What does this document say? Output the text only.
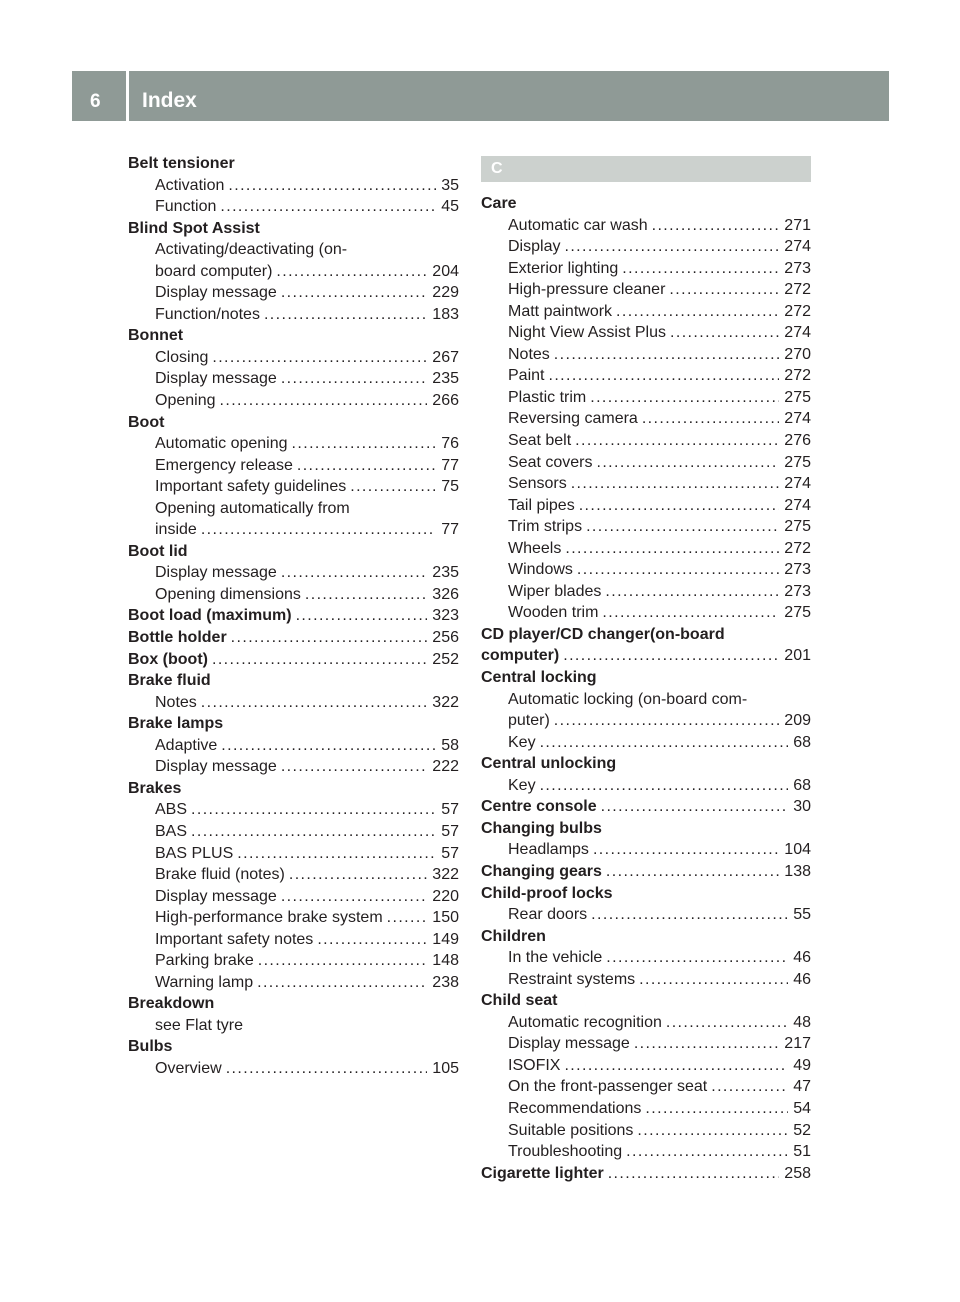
6 Index
Belt tensioner
Activation .....	35
Function .....	45
Blind Spot Assist
Activating/deactivating (on-
board computer) .....	204
Display message .....	229
Function/notes .....	183
Bonnet
Closing .....	267
Display message .....	235
Opening .....	266
Boot
Automatic opening .....	76
Emergency release .....	77
Important safety guidelines .....	75
Opening automatically from
inside .....	77
Boot lid
Display message .....	235
Opening dimensions .....	326
Boot load (maximum) .....	323
Bottle holder .....	256
Box (boot) .....	252
Brake fluid
Notes .....	322
Brake lamps
Adaptive .....	58
Display message .....	222
Brakes
ABS .....	57
BAS .....	57
BAS PLUS .....	57
Brake fluid (notes) .....	322
Display message .....	220
High-performance brake system .....	150
Important safety notes .....	149
Parking brake .....	148
Warning lamp .....	238
Breakdown
see Flat tyre
Bulbs
Overview .....	105
C
Care
Automatic car wash .....	271
Display .....	274
Exterior lighting .....	273
High-pressure cleaner .....	272
Matt paintwork .....	272
Night View Assist Plus .....	274
Notes .....	270
Paint .....	272
Plastic trim .....	275
Reversing camera .....	274
Seat belt .....	276
Seat covers .....	275
Sensors .....	274
Tail pipes .....	274
Trim strips .....	275
Wheels .....	272
Windows .....	273
Wiper blades .....	273
Wooden trim .....	275
CD player/CD changer(on-board
computer) .....	201
Central locking
Automatic locking (on-board com-
puter) .....	209
Key .....	68
Central unlocking
Key .....	68
Centre console .....	30
Changing bulbs
Headlamps .....	104
Changing gears .....	138
Child-proof locks
Rear doors .....	55
Children
In the vehicle .....	46
Restraint systems .....	46
Child seat
Automatic recognition .....	48
Display message .....	217
ISOFIX .....	49
On the front-passenger seat .....	47
Recommendations .....	54
Suitable positions .....	52
Troubleshooting .....	51
Cigarette lighter .....	258
